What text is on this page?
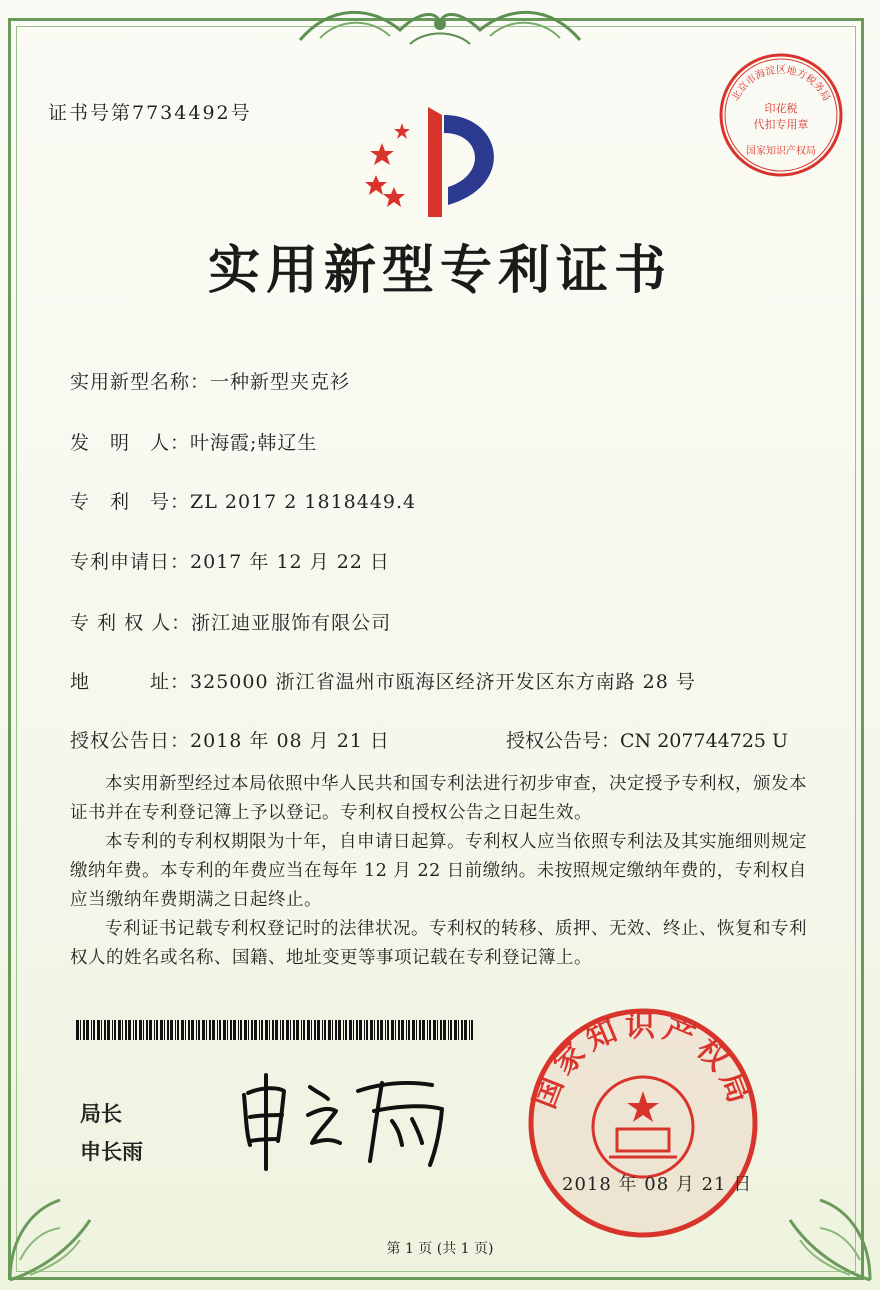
证书号第7734492号
北京市海淀区地方税务局
印花税
代扣专用章
国家知识产权局
实用新型专利证书
实用新型名称：一种新型夹克衫
发　明　人：叶海霞;韩辽生
专　利　号：ZL 2017 2 1818449.4
专利申请日：2017 年 12 月 22 日
专 利 权 人：浙江迪亚服饰有限公司
地　　　址：325000 浙江省温州市瓯海区经济开发区东方南路 28 号
授权公告日：2018 年 08 月 21 日	授权公告号：CN 207744725 U

本实用新型经过本局依照中华人民共和国专利法进行初步审查，决定授予专利权，颁发本证书并在专利登记簿上予以登记。专利权自授权公告之日起生效。

本专利的专利权期限为十年，自申请日起算。专利权人应当依照专利法及其实施细则规定缴纳年费。本专利的年费应当在每年 12 月 22 日前缴纳。未按照规定缴纳年费的，专利权自应当缴纳年费期满之日起终止。

专利证书记载专利权登记时的法律状况。专利权的转移、质押、无效、终止、恢复和专利权人的姓名或名称、国籍、地址变更等事项记载在专利登记簿上。

局长
申长雨
国家知识产权局
2018 年 08 月 21 日
第 1 页 (共 1 页)
